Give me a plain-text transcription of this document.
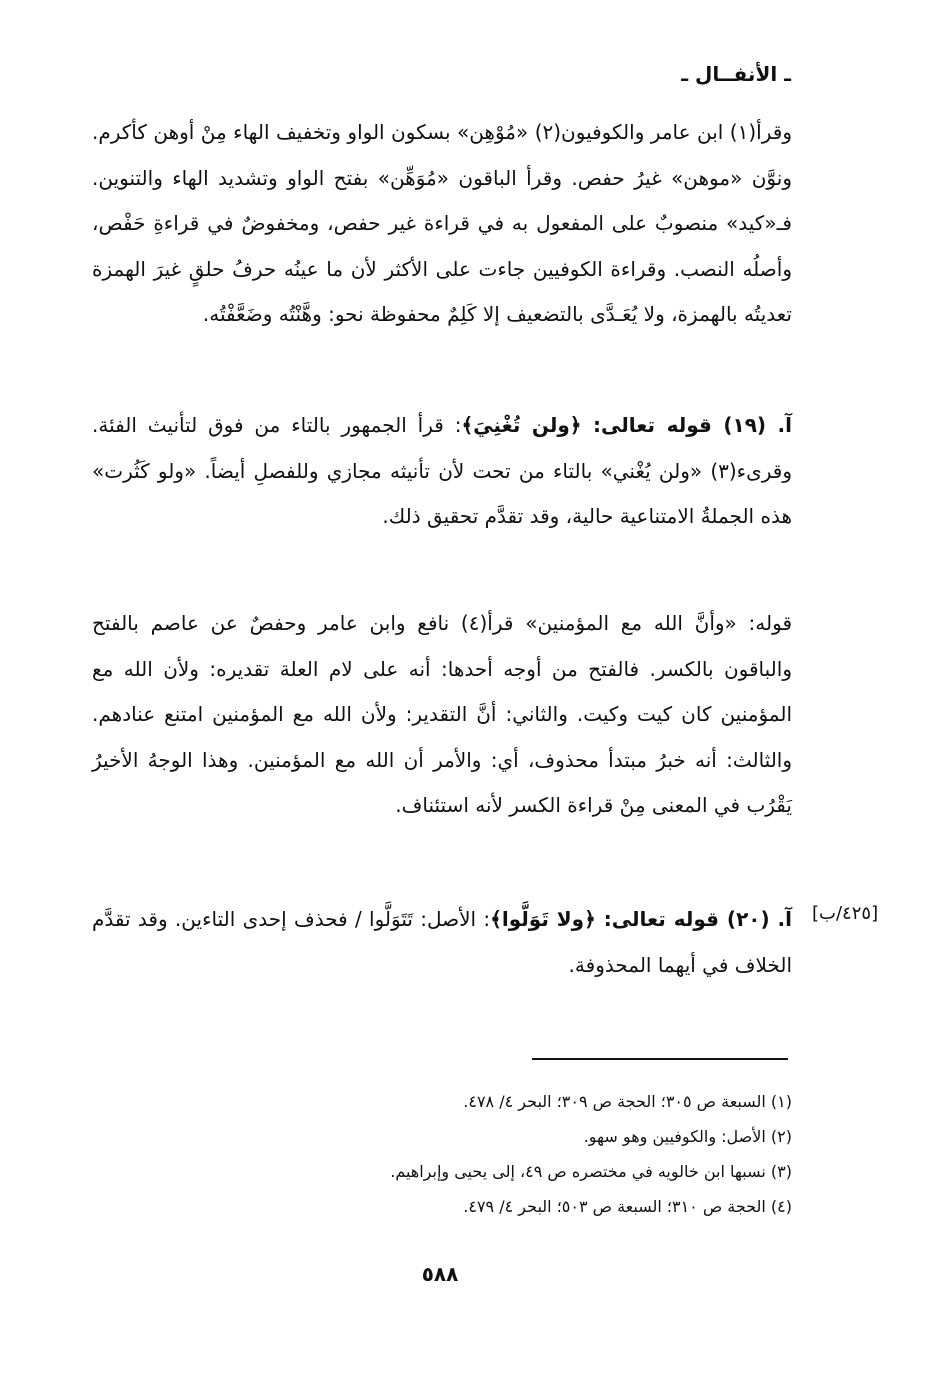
ـ الأنفــال ـ
وقرأ(١) ابن عامر والكوفيون(٢) «مُوْهِن» بسكون الواو وتخفيف الهاء مِنْ أوهن كأكرم. ونوَّن «موهن» غيرُ حفص. وقرأ الباقون «مُوَهِّن» بفتح الواو وتشديد الهاء والتنوين. فـ«كيد» منصوبٌ على المفعول به في قراءة غير حفص، ومخفوضٌ في قراءةِ حَفْص، وأصلُه النصب. وقراءة الكوفيين جاءت على الأكثر لأن ما عينُه حرفُ حلقٍ غيرَ الهمزة تعديتُه بالهمزة، ولا يُعَـدَّى بالتضعيف إلا كَلِمٌ محفوظة نحو: وهَّنْتُه وضَعَّفْتُه.
آ. (١٩) قوله تعالى: ﴿ولن تُغْنِيَ﴾: قرأ الجمهور بالتاء من فوق لتأنيث الفئة. وقرىء(٣) «ولن يُغْني» بالتاء من تحت لأن تأنيثه مجازي وللفصلِ أيضاً. «ولو كَثُرت» هذه الجملةُ الامتناعية حالية، وقد تقدَّم تحقيق ذلك.
قوله: «وأنَّ الله مع المؤمنين» قرأ(٤) نافع وابن عامر وحفصٌ عن عاصم بالفتح والباقون بالكسر. فالفتح من أوجه أحدها: أنه على لام العلة تقديره: ولأن الله مع المؤمنين كان كيت وكيت. والثاني: أنَّ التقدير: ولأن الله مع المؤمنين امتنع عنادهم. والثالث: أنه خبرُ مبتدأ محذوف، أي: والأمر أن الله مع المؤمنين. وهذا الوجهُ الأخيرُ يَقْرُب في المعنى مِنْ قراءة الكسر لأنه استئناف.
آ. (٢٠) قوله تعالى: ﴿ولا تَوَلَّوا﴾: الأصل: تَتَوَلَّوا / فحذف إحدى التاءين. وقد تقدَّم الخلاف في أيهما المحذوفة.
[٤٢٥/ب]
(١) السبعة ص ٣٠٥؛ الحجة ص ٣٠٩؛ البحر ٤/ ٤٧٨.
(٢) الأصل: والكوفيين وهو سهو.
(٣) نسبها ابن خالويه في مختصره ص ٤٩، إلى يحيى وإبراهيم.
(٤) الحجة ص ٣١٠؛ السبعة ص ٥٠٣؛ البحر ٤/ ٤٧٩.
٥٨٨
